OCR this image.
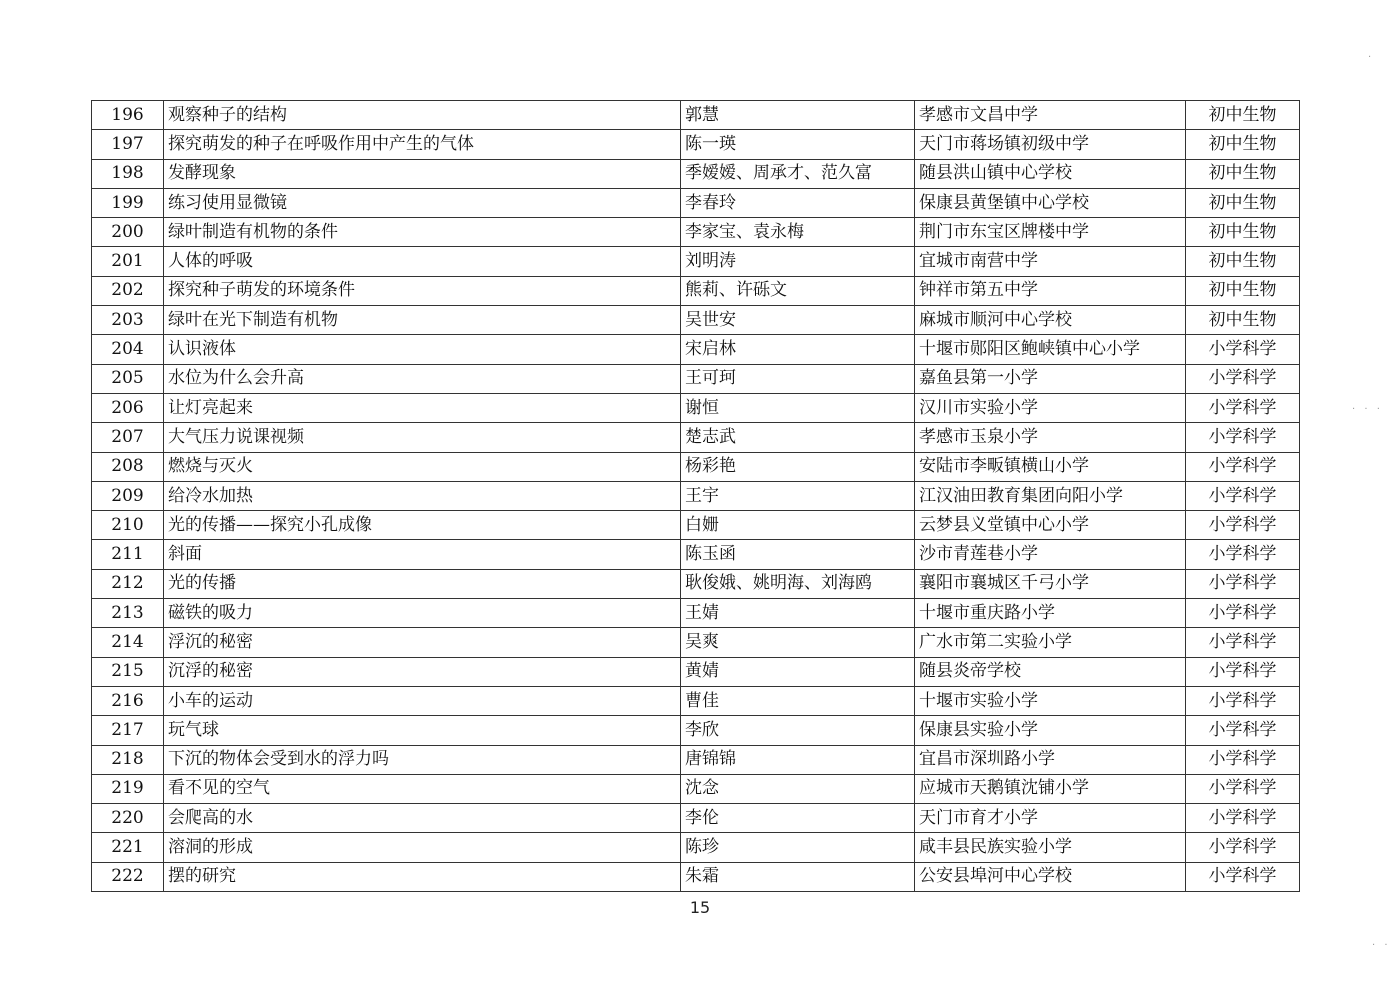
196	观察种子的结构	郭慧	孝感市文昌中学	初中生物
197	探究萌发的种子在呼吸作用中产生的气体	陈一瑛	天门市蒋场镇初级中学	初中生物
198	发酵现象	季嫒嫒、周承才、范久富	随县洪山镇中心学校	初中生物
199	练习使用显微镜	李春玲	保康县黄堡镇中心学校	初中生物
200	绿叶制造有机物的条件	李家宝、袁永梅	荆门市东宝区牌楼中学	初中生物
201	人体的呼吸	刘明涛	宜城市南营中学	初中生物
202	探究种子萌发的环境条件	熊莉、许砾文	钟祥市第五中学	初中生物
203	绿叶在光下制造有机物	吴世安	麻城市顺河中心学校	初中生物
204	认识液体	宋启林	十堰市郧阳区鲍峡镇中心小学	小学科学
205	水位为什么会升高	王可珂	嘉鱼县第一小学	小学科学
206	让灯亮起来	谢恒	汉川市实验小学	小学科学
207	大气压力说课视频	楚志武	孝感市玉泉小学	小学科学
208	燃烧与灭火	杨彩艳	安陆市李畈镇横山小学	小学科学
209	给冷水加热	王宇	江汉油田教育集团向阳小学	小学科学
210	光的传播——探究小孔成像	白姗	云梦县义堂镇中心小学	小学科学
211	斜面	陈玉函	沙市青莲巷小学	小学科学
212	光的传播	耿俊娥、姚明海、刘海鸥	襄阳市襄城区千弓小学	小学科学
213	磁铁的吸力	王婧	十堰市重庆路小学	小学科学
214	浮沉的秘密	吴爽	广水市第二实验小学	小学科学
215	沉浮的秘密	黄婧	随县炎帝学校	小学科学
216	小车的运动	曹佳	十堰市实验小学	小学科学
217	玩气球	李欣	保康县实验小学	小学科学
218	下沉的物体会受到水的浮力吗	唐锦锦	宜昌市深圳路小学	小学科学
219	看不见的空气	沈念	应城市天鹅镇沈铺小学	小学科学
220	会爬高的水	李伦	天门市育才小学	小学科学
221	溶洞的形成	陈珍	咸丰县民族实验小学	小学科学
222	摆的研究	朱霜	公安县埠河中心学校	小学科学
15
·
· · ·
· ·
